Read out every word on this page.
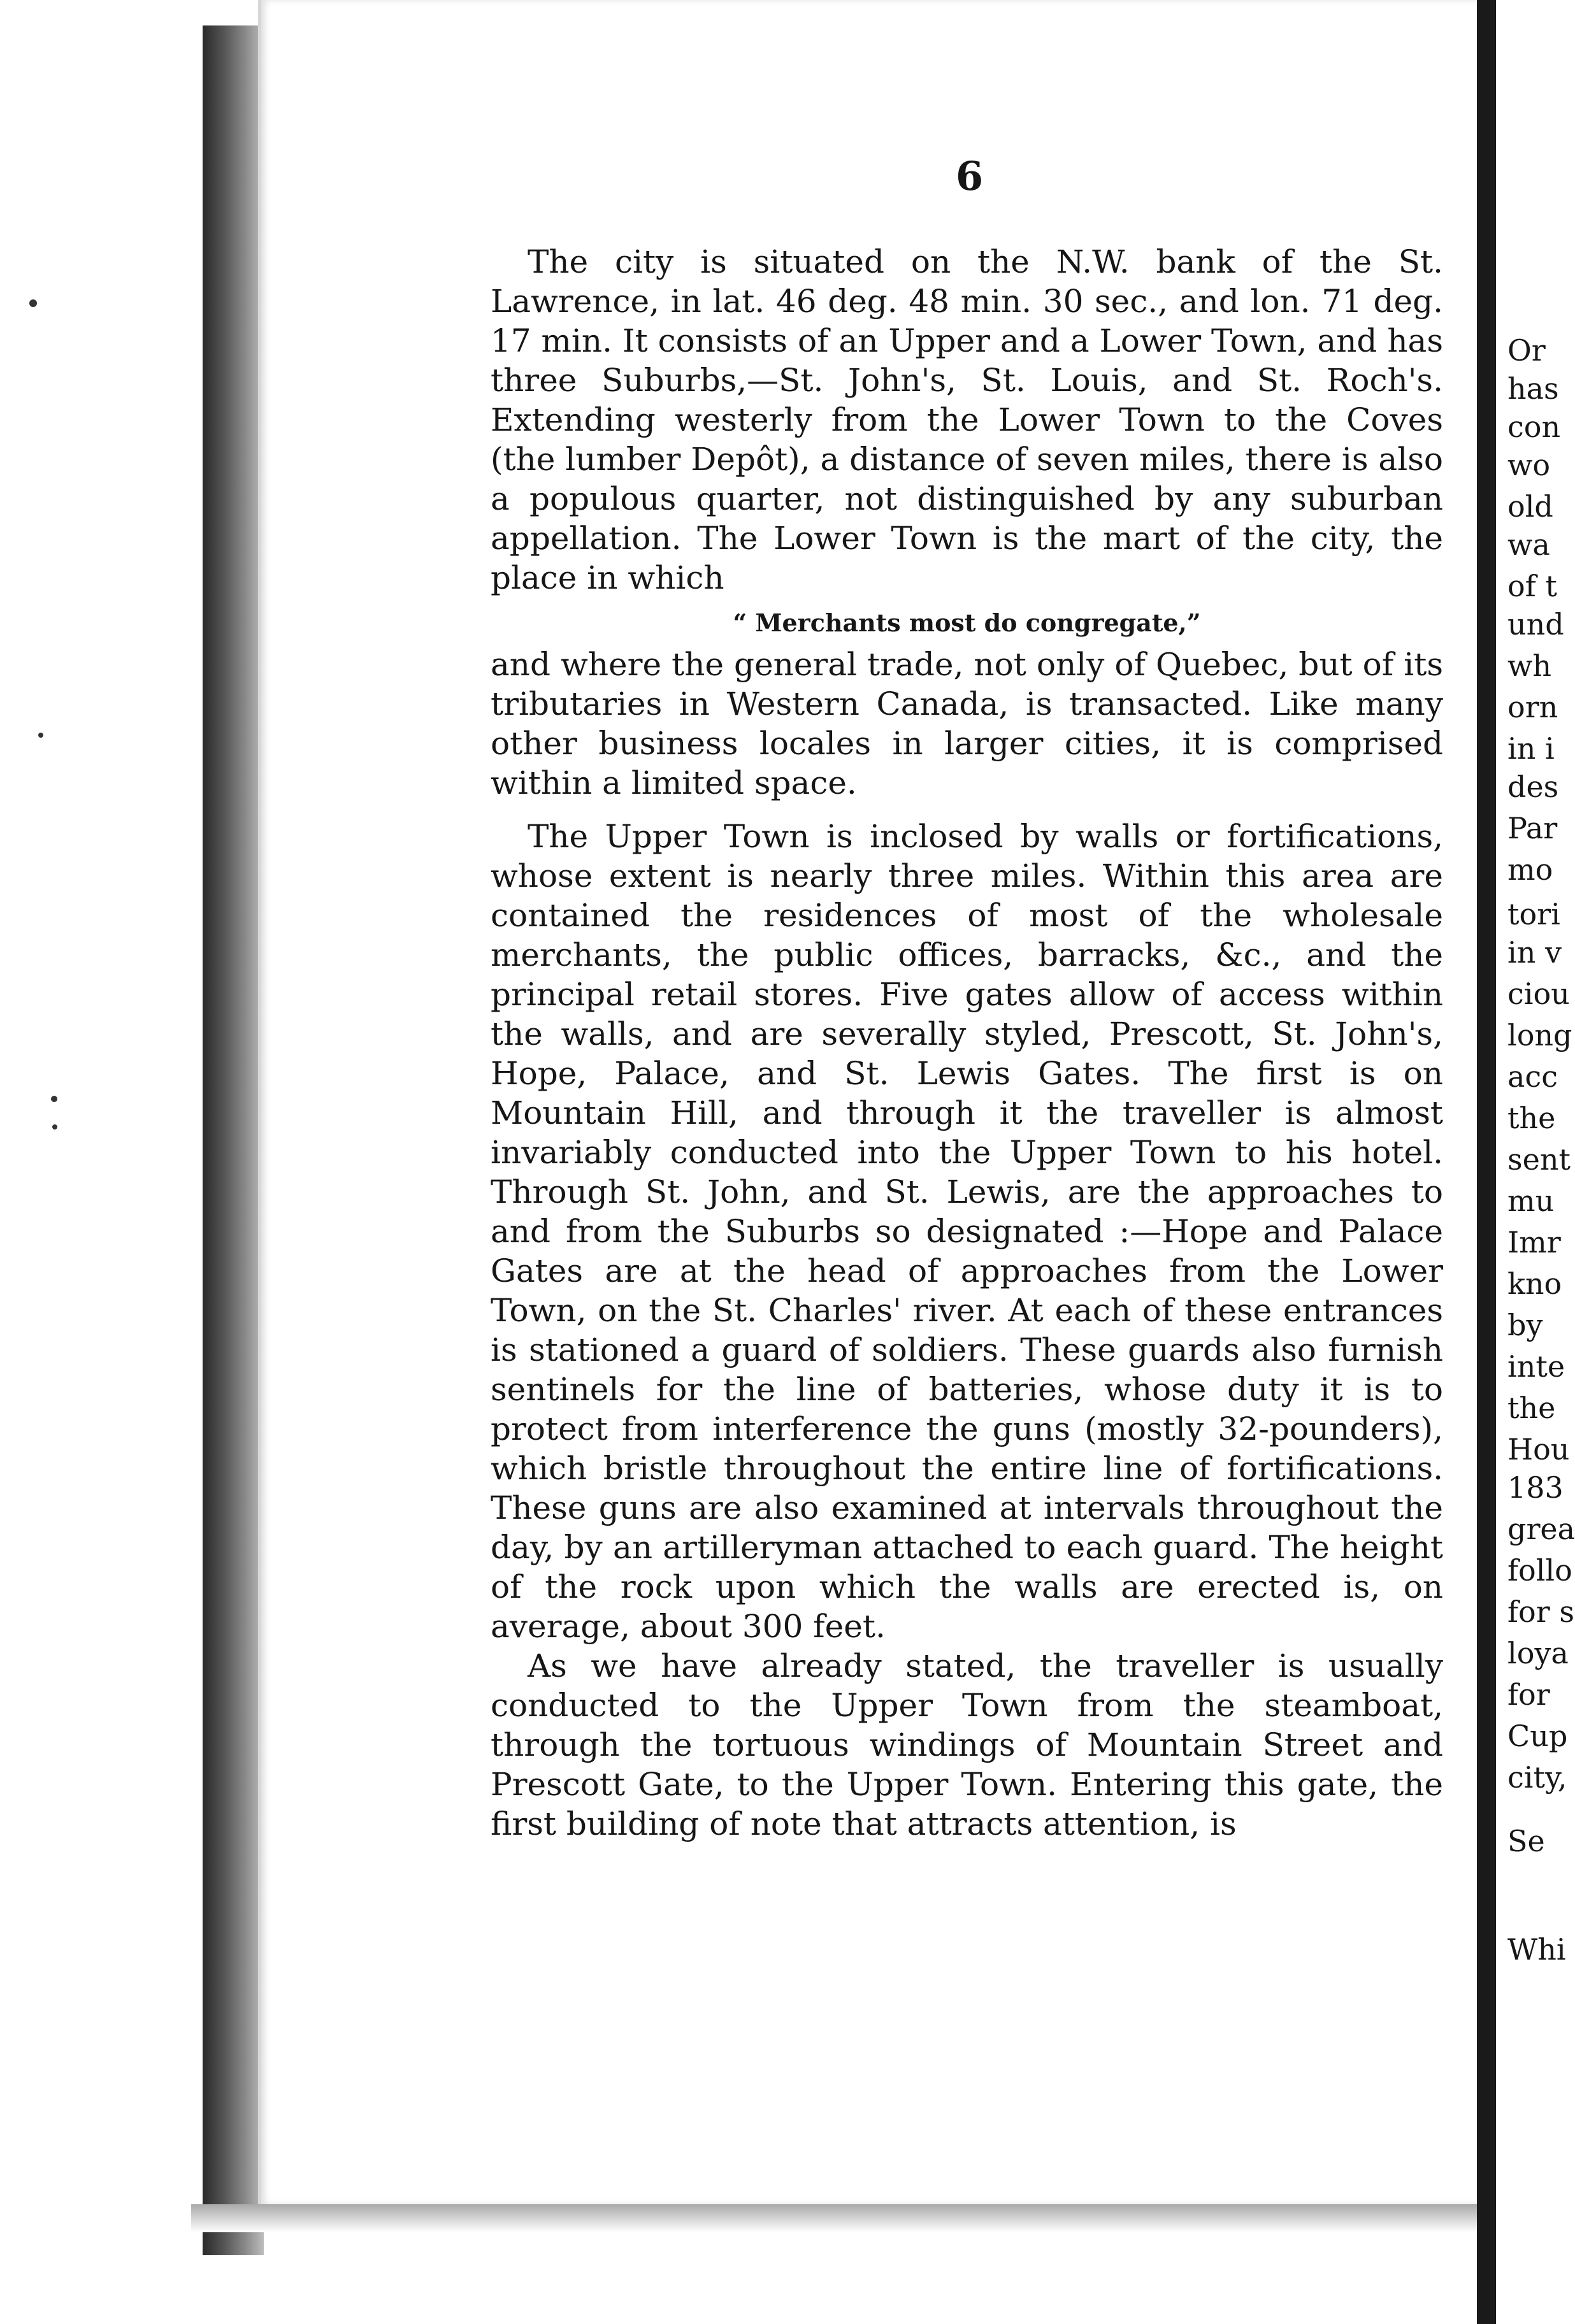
6

The city is situated on the N.W. bank of the St. Lawrence, in lat. 46 deg. 48 min. 30 sec., and lon. 71 deg. 17 min. It consists of an Upper and a Lower Town, and has three Suburbs,—St. John's, St. Louis, and St. Roch's. Extending westerly from the Lower Town to the Coves (the lumber Depôt), a distance of seven miles, there is also a populous quarter, not distinguished by any suburban appellation. The Lower Town is the mart of the city, the place in which

“ Merchants most do congregate,”

and where the general trade, not only of Quebec, but of its tributaries in Western Canada, is transacted. Like many other business locales in larger cities, it is comprised within a limited space.

The Upper Town is inclosed by walls or fortifications, whose extent is nearly three miles. Within this area are contained the residences of most of the wholesale merchants, the public offices, barracks, &c., and the principal retail stores. Five gates allow of access within the walls, and are severally styled, Prescott, St. John's, Hope, Palace, and St. Lewis Gates. The first is on Mountain Hill, and through it the traveller is almost invariably conducted into the Upper Town to his hotel. Through St. John, and St. Lewis, are the approaches to and from the Suburbs so designated :—Hope and Palace Gates are at the head of approaches from the Lower Town, on the St. Charles' river. At each of these entrances is stationed a guard of soldiers. These guards also furnish sentinels for the line of batteries, whose duty it is to protect from interference the guns (mostly 32-pounders), which bristle throughout the entire line of fortifications. These guns are also examined at intervals throughout the day, by an artilleryman attached to each guard. The height of the rock upon which the walls are erected is, on average, about 300 feet.

As we have already stated, the traveller is usually conducted to the Upper Town from the steamboat, through the tortuous windings of Mountain Street and Prescott Gate, to the Upper Town. Entering this gate, the first building of note that attracts attention, is

Or
has
con
wo
old
wa
of t
und
wh
orn
in i
des
Par
mo
tori
in v
ciou
long
acc
the
sent
mu
Imr
kno
by
inte
the
Hou
183
grea
follo
for s
loya
for
Cup
city,
Se
Whi
